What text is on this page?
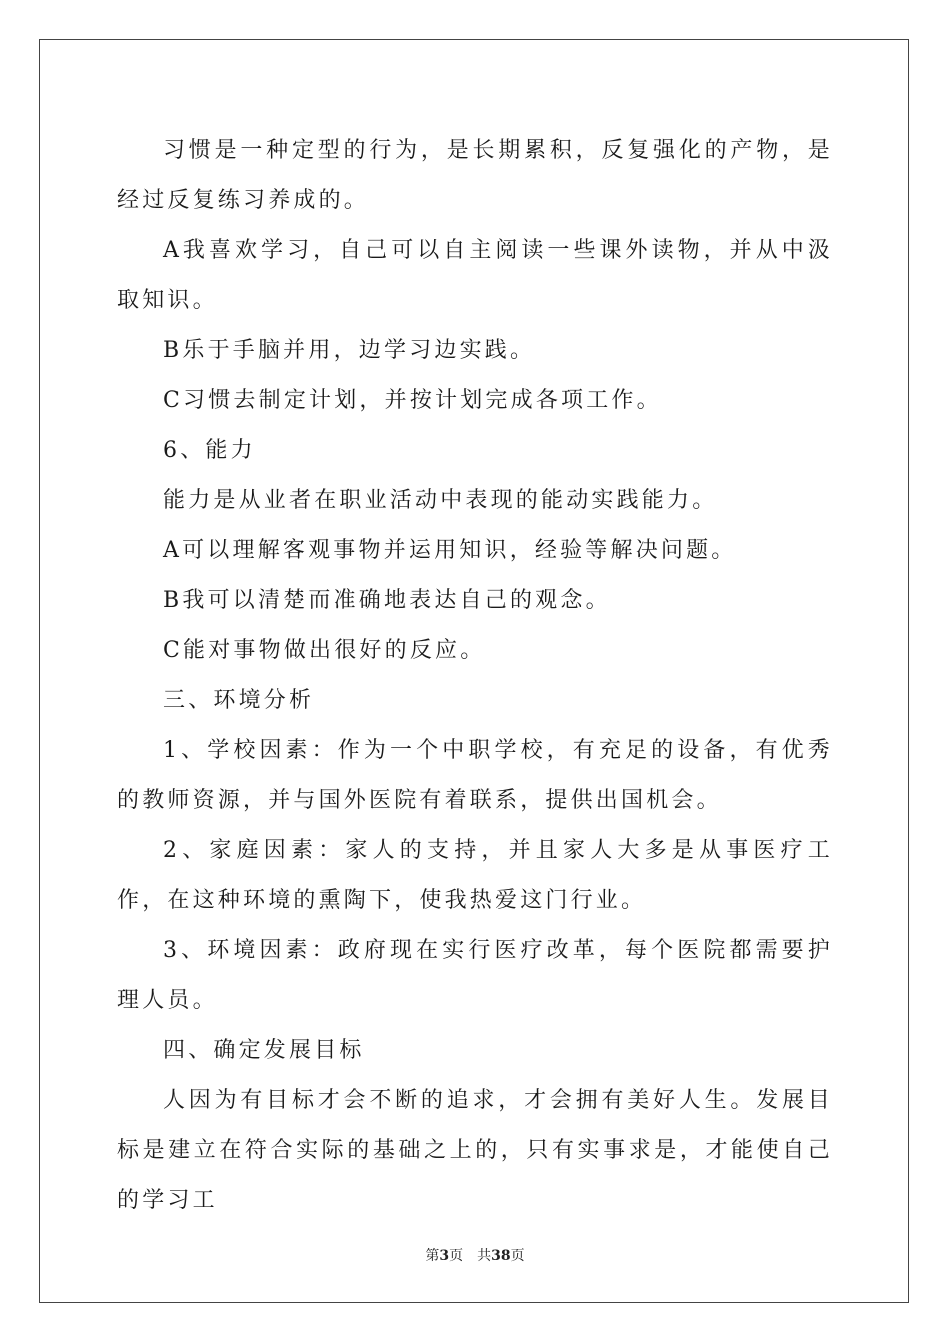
习惯是一种定型的行为，是长期累积，反复强化的产物，是经过反复练习养成的。

A我喜欢学习，自己可以自主阅读一些课外读物，并从中汲取知识。

B乐于手脑并用，边学习边实践。

C习惯去制定计划，并按计划完成各项工作。

6、能力

能力是从业者在职业活动中表现的能动实践能力。

A可以理解客观事物并运用知识，经验等解决问题。

B我可以清楚而准确地表达自己的观念。

C能对事物做出很好的反应。

三、环境分析

1、学校因素：作为一个中职学校，有充足的设备，有优秀的教师资源，并与国外医院有着联系，提供出国机会。

2、家庭因素：家人的支持，并且家人大多是从事医疗工作，在这种环境的熏陶下，使我热爱这门行业。

3、环境因素：政府现在实行医疗改革，每个医院都需要护理人员。

四、确定发展目标

人因为有目标才会不断的追求，才会拥有美好人生。发展目标是建立在符合实际的基础之上的，只有实事求是，才能使自己的学习工

第3页 共38页
